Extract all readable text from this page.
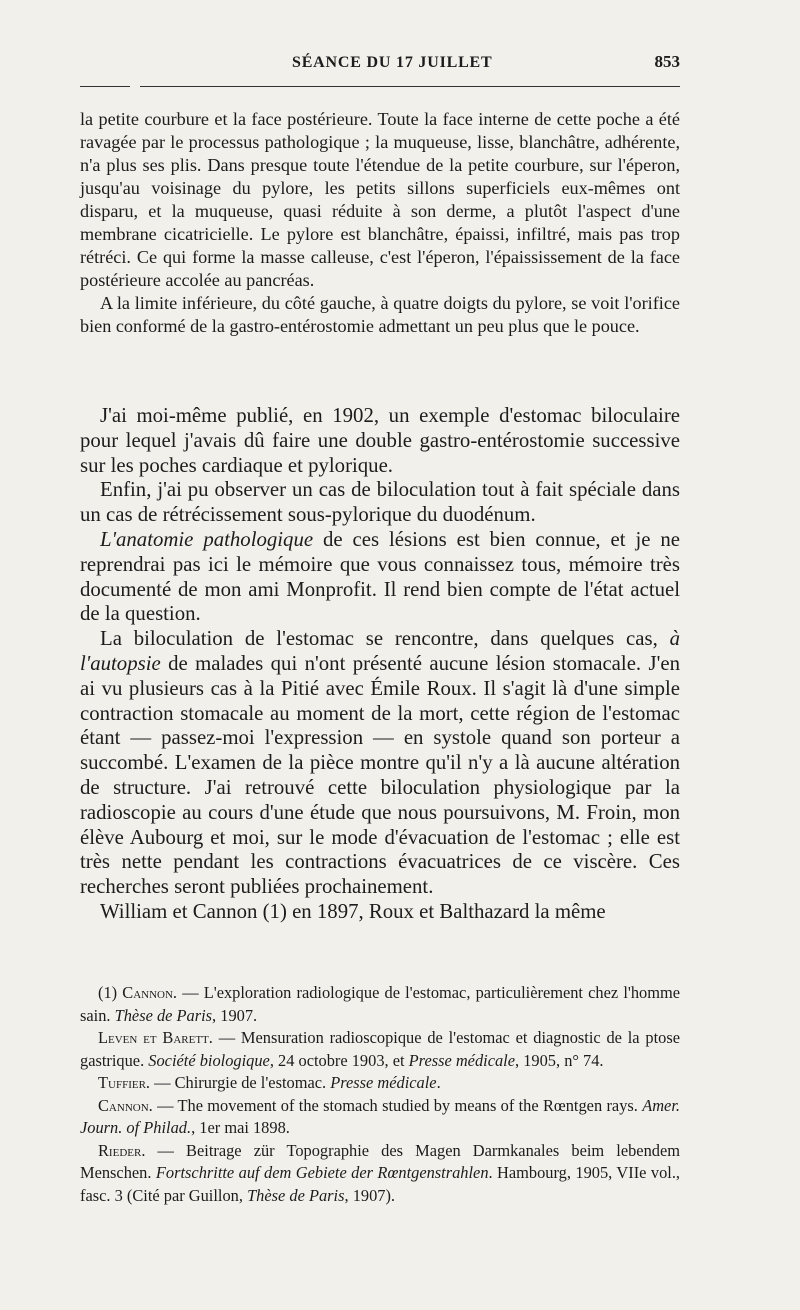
SÉANCE DU 17 JUILLET	853

la petite courbure et la face postérieure. Toute la face interne de cette poche a été ravagée par le processus pathologique ; la muqueuse, lisse, blanchâtre, adhérente, n'a plus ses plis. Dans presque toute l'étendue de la petite courbure, sur l'éperon, jusqu'au voisinage du pylore, les petits sillons superficiels eux-mêmes ont disparu, et la muqueuse, quasi réduite à son derme, a plutôt l'aspect d'une membrane cicatricielle. Le pylore est blanchâtre, épaissi, infiltré, mais pas trop rétréci. Ce qui forme la masse calleuse, c'est l'éperon, l'épaississement de la face postérieure accolée au pancréas.

A la limite inférieure, du côté gauche, à quatre doigts du pylore, se voit l'orifice bien conformé de la gastro-entérostomie admettant un peu plus que le pouce.

J'ai moi-même publié, en 1902, un exemple d'estomac biloculaire pour lequel j'avais dû faire une double gastro-entérostomie successive sur les poches cardiaque et pylorique.

Enfin, j'ai pu observer un cas de biloculation tout à fait spéciale dans un cas de rétrécissement sous-pylorique du duodénum.

L'anatomie pathologique de ces lésions est bien connue, et je ne reprendrai pas ici le mémoire que vous connaissez tous, mémoire très documenté de mon ami Monprofit. Il rend bien compte de l'état actuel de la question.

La biloculation de l'estomac se rencontre, dans quelques cas, à l'autopsie de malades qui n'ont présenté aucune lésion stomacale. J'en ai vu plusieurs cas à la Pitié avec Émile Roux. Il s'agit là d'une simple contraction stomacale au moment de la mort, cette région de l'estomac étant — passez-moi l'expression — en systole quand son porteur a succombé. L'examen de la pièce montre qu'il n'y a là aucune altération de structure. J'ai retrouvé cette biloculation physiologique par la radioscopie au cours d'une étude que nous poursuivons, M. Froin, mon élève Aubourg et moi, sur le mode d'évacuation de l'estomac ; elle est très nette pendant les contractions évacuatrices de ce viscère. Ces recherches seront publiées prochainement.

William et Cannon (1) en 1897, Roux et Balthazard la même

(1) Cannon. — L'exploration radiologique de l'estomac, particulièrement chez l'homme sain. Thèse de Paris, 1907.

Leven et Barett. — Mensuration radioscopique de l'estomac et diagnostic de la ptose gastrique. Société biologique, 24 octobre 1903, et Presse médicale, 1905, n° 74.

Tuffier. — Chirurgie de l'estomac. Presse médicale.

Cannon. — The movement of the stomach studied by means of the Rœntgen rays. Amer. Journ. of Philad., 1er mai 1898.

Rieder. — Beitrage zür Topographie des Magen Darmkanales beim lebendem Menschen. Fortschritte auf dem Gebiete der Rœntgenstrahlen. Hambourg, 1905, VIIe vol., fasc. 3 (Cité par Guillon, Thèse de Paris, 1907).
